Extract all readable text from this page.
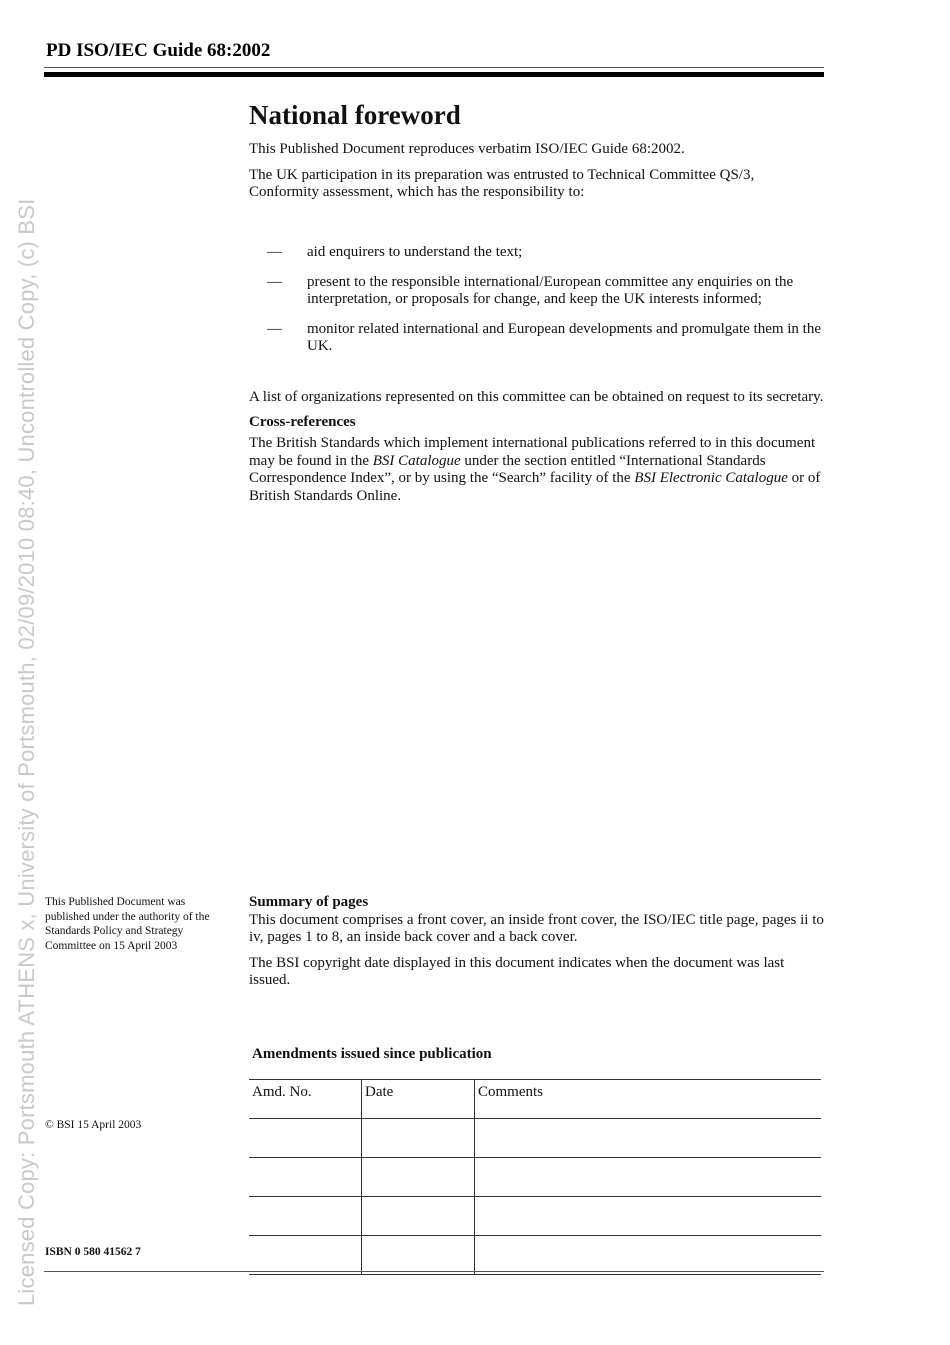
Licensed Copy: Portsmouth ATHENS x, University of Portsmouth, 02/09/2010 08:40, Uncontrolled Copy, (c) BSI
PD ISO/IEC Guide 68:2002
National foreword

This Published Document reproduces verbatim ISO/IEC Guide 68:2002.

The UK participation in its preparation was entrusted to Technical Committee QS/3, Conformity assessment, which has the responsibility to:

— aid enquirers to understand the text;
— present to the responsible international/European committee any enquiries on the interpretation, or proposals for change, and keep the UK interests informed;
— monitor related international and European developments and promulgate them in the UK.

A list of organizations represented on this committee can be obtained on request to its secretary.

Cross-references

The British Standards which implement international publications referred to in this document may be found in the BSI Catalogue under the section entitled “International Standards Correspondence Index”, or by using the “Search” facility of the BSI Electronic Catalogue or of British Standards Online.

This Published Document was published under the authority of the Standards Policy and Strategy Committee on 15 April 2003

Summary of pages

This document comprises a front cover, an inside front cover, the ISO/IEC title page, pages ii to iv, pages 1 to 8, an inside back cover and a back cover.

The BSI copyright date displayed in this document indicates when the document was last issued.

Amendments issued since publication
Amd. No.	Date	Comments

© BSI 15 April 2003
ISBN 0 580 41562 7
